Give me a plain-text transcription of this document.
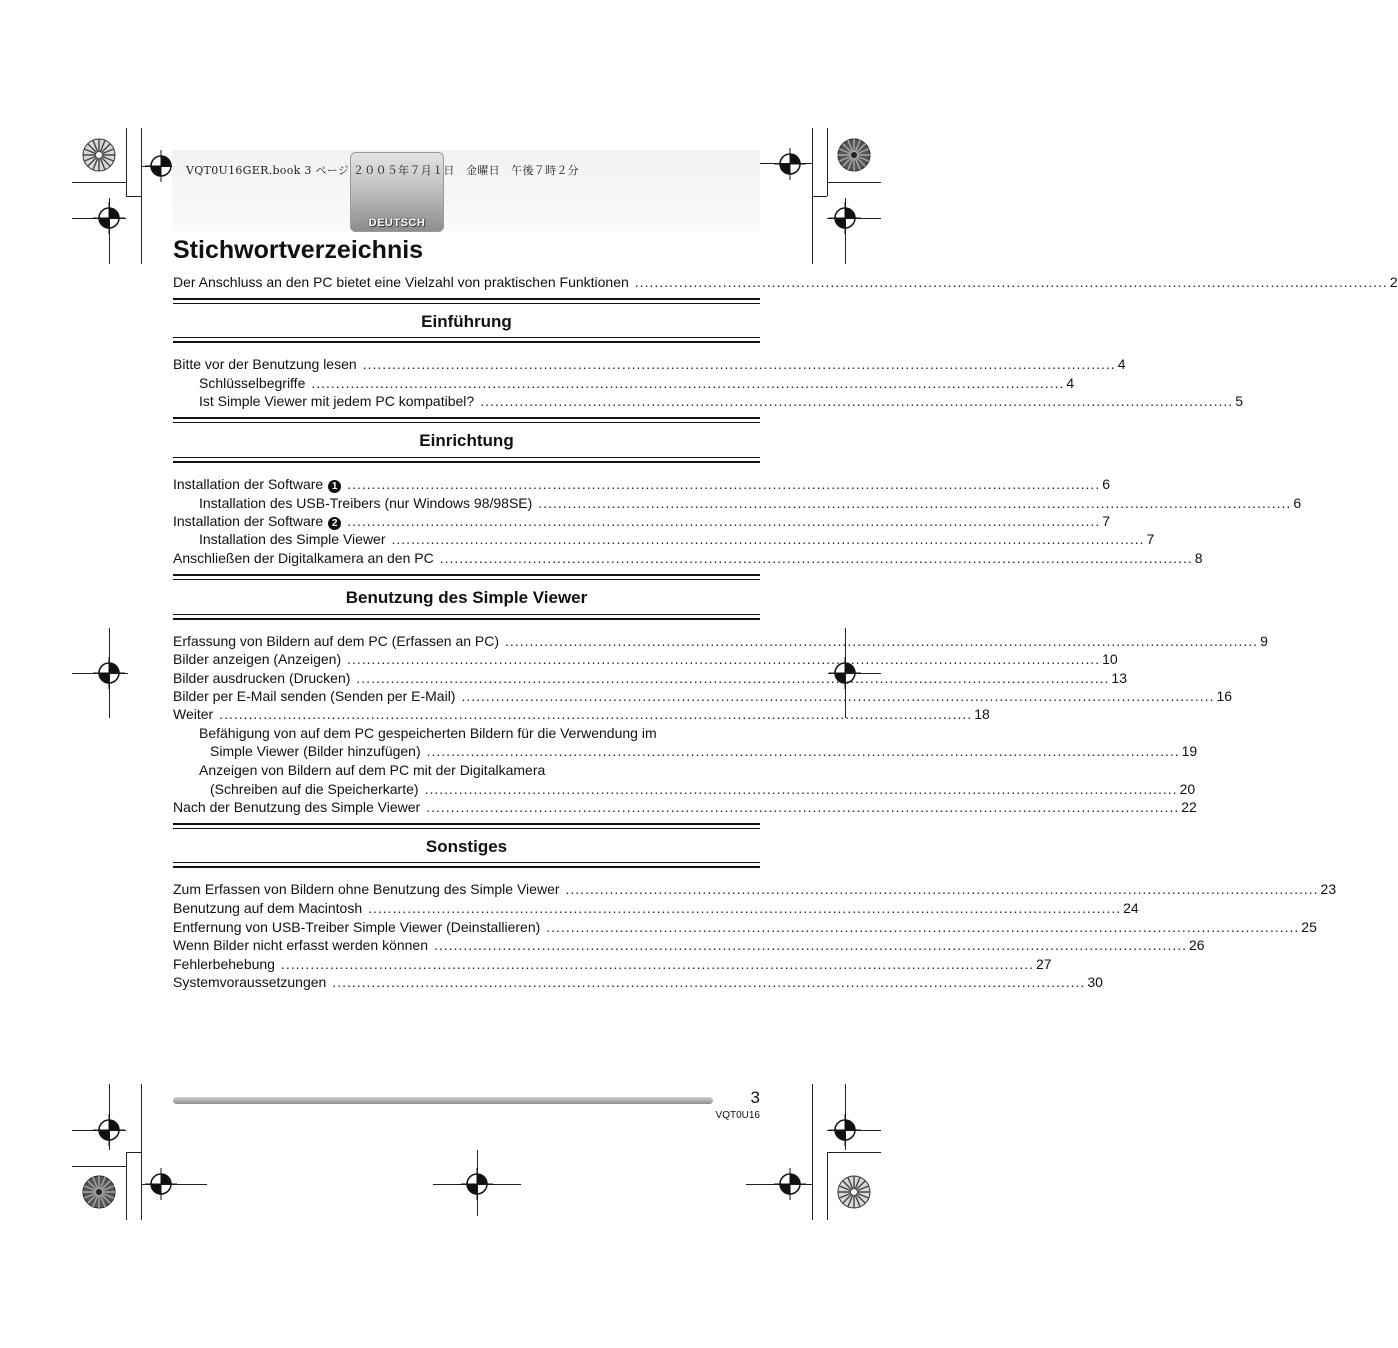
DEUTSCH
VQT0U16GER.book 3 ページ ２００５年７月１日　金曜日　午後７時２分
Stichwortverzeichnis
Der Anschluss an den PC bietet eine Vielzahl von praktischen Funktionen .......................................................................................................................................................... 2
Einführung
Bitte vor der Benutzung lesen .......................................................................................................................................................... 4
Schlüsselbegriffe .......................................................................................................................................................... 4
Ist Simple Viewer mit jedem PC kompatibel? .......................................................................................................................................................... 5
Einrichtung
Installation der Software 1 .......................................................................................................................................................... 6
Installation des USB-Treibers (nur Windows 98/98SE) .......................................................................................................................................................... 6
Installation der Software 2 .......................................................................................................................................................... 7
Installation des Simple Viewer .......................................................................................................................................................... 7
Anschließen der Digitalkamera an den PC .......................................................................................................................................................... 8
Benutzung des Simple Viewer
Erfassung von Bildern auf dem PC (Erfassen an PC) .......................................................................................................................................................... 9
Bilder anzeigen (Anzeigen) .......................................................................................................................................................... 10
Bilder ausdrucken (Drucken) .......................................................................................................................................................... 13
Bilder per E-Mail senden (Senden per E-Mail) .......................................................................................................................................................... 16
Weiter .......................................................................................................................................................... 18
Befähigung von auf dem PC gespeicherten Bildern für die Verwendung im
Simple Viewer (Bilder hinzufügen) .......................................................................................................................................................... 19
Anzeigen von Bildern auf dem PC mit der Digitalkamera
(Schreiben auf die Speicherkarte) .......................................................................................................................................................... 20
Nach der Benutzung des Simple Viewer .......................................................................................................................................................... 22
Sonstiges
Zum Erfassen von Bildern ohne Benutzung des Simple Viewer .......................................................................................................................................................... 23
Benutzung auf dem Macintosh .......................................................................................................................................................... 24
Entfernung von USB-Treiber Simple Viewer (Deinstallieren) .......................................................................................................................................................... 25
Wenn Bilder nicht erfasst werden können .......................................................................................................................................................... 26
Fehlerbehebung .......................................................................................................................................................... 27
Systemvoraussetzungen .......................................................................................................................................................... 30
3
VQT0U16
